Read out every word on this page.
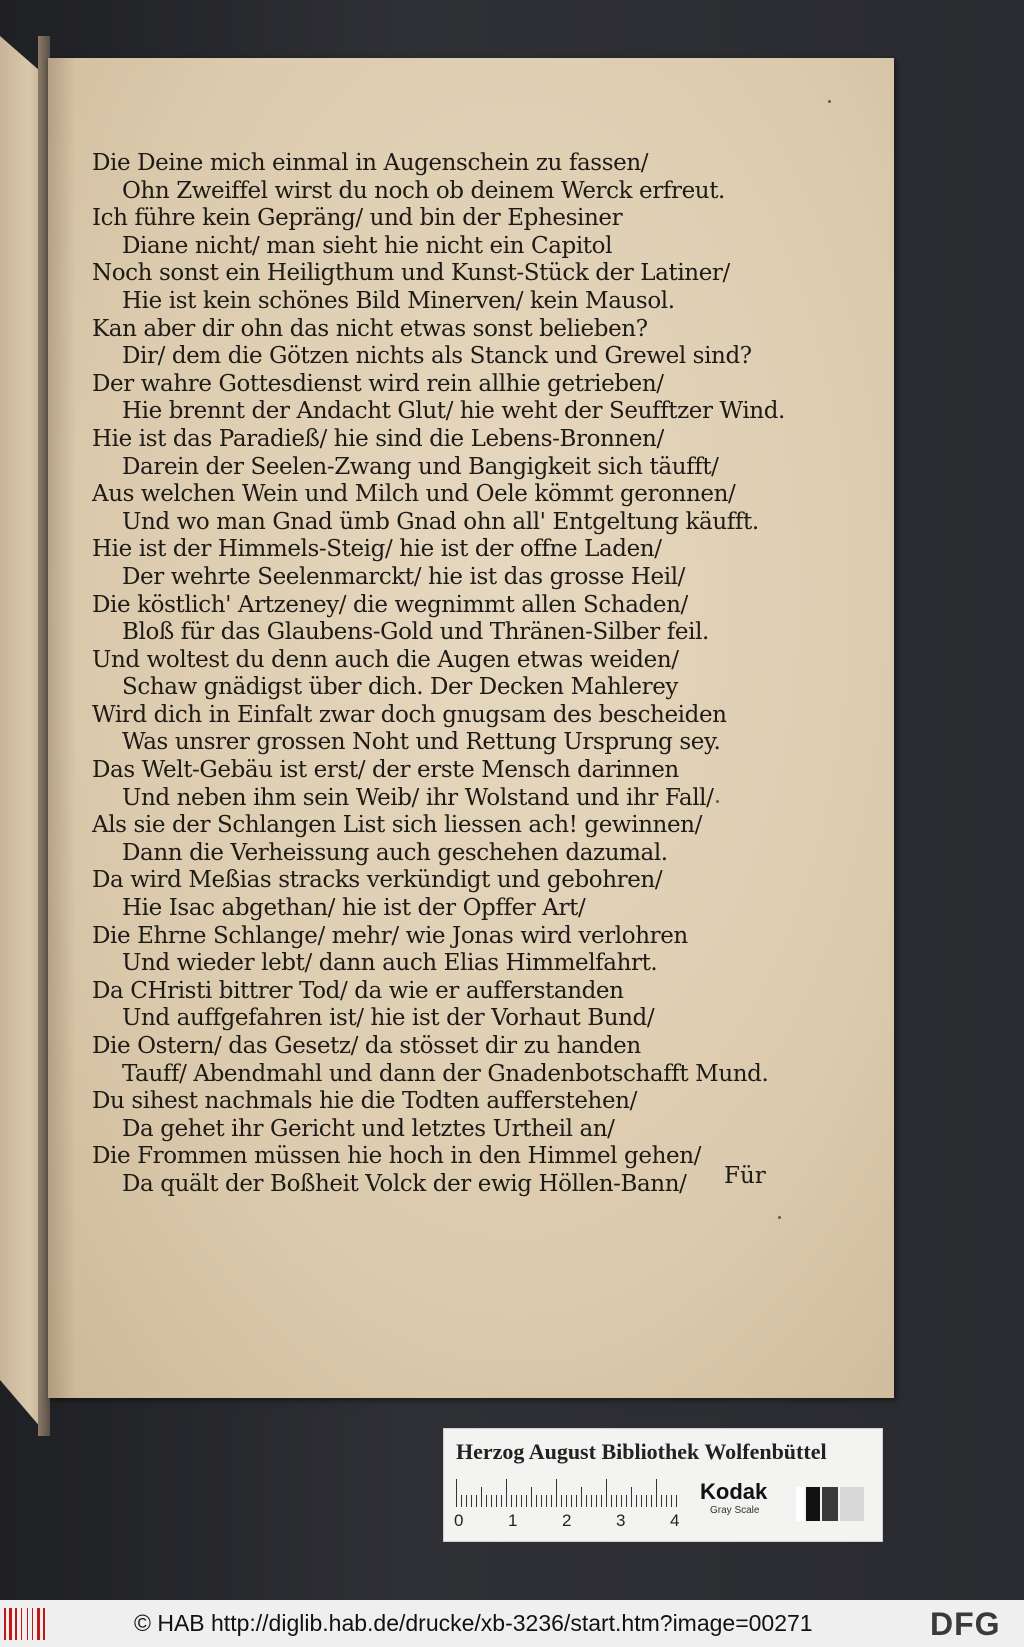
Die Deine mich einmal in Augenschein zu fassen/
Ohn Zweiffel wirst du noch ob deinem Werck erfreut.
Ich führe kein Gepräng/ und bin der Ephesiner
Diane nicht/ man sieht hie nicht ein Capitol
Noch sonst ein Heiligthum und Kunst-Stück der Latiner/
Hie ist kein schönes Bild Minerven/ kein Mausol.
Kan aber dir ohn das nicht etwas sonst belieben?
Dir/ dem die Götzen nichts als Stanck und Grewel sind?
Der wahre Gottesdienst wird rein allhie getrieben/
Hie brennt der Andacht Glut/ hie weht der Seufftzer Wind.
Hie ist das Paradieß/ hie sind die Lebens-Bronnen/
Darein der Seelen-Zwang und Bangigkeit sich täufft/
Aus welchen Wein und Milch und Oele kömmt geronnen/
Und wo man Gnad ümb Gnad ohn all' Entgeltung käufft.
Hie ist der Himmels-Steig/ hie ist der offne Laden/
Der wehrte Seelenmarckt/ hie ist das grosse Heil/
Die köstlich' Artzeney/ die wegnimmt allen Schaden/
Bloß für das Glaubens-Gold und Thränen-Silber feil.
Und woltest du denn auch die Augen etwas weiden/
Schaw gnädigst über dich. Der Decken Mahlerey
Wird dich in Einfalt zwar doch gnugsam des bescheiden
Was unsrer grossen Noht und Rettung Ursprung sey.
Das Welt-Gebäu ist erst/ der erste Mensch darinnen
Und neben ihm sein Weib/ ihr Wolstand und ihr Fall/
Als sie der Schlangen List sich liessen ach! gewinnen/
Dann die Verheissung auch geschehen dazumal.
Da wird Meßias stracks verkündigt und gebohren/
Hie Isac abgethan/ hie ist der Opffer Art/
Die Ehrne Schlange/ mehr/ wie Jonas wird verlohren
Und wieder lebt/ dann auch Elias Himmelfahrt.
Da CHristi bittrer Tod/ da wie er aufferstanden
Und auffgefahren ist/ hie ist der Vorhaut Bund/
Die Ostern/ das Gesetz/ da stösset dir zu handen
Tauff/ Abendmahl und dann der Gnadenbotschafft Mund.
Du sihest nachmals hie die Todten aufferstehen/
Da gehet ihr Gericht und letztes Urtheil an/
Die Frommen müssen hie hoch in den Himmel gehen/
Da quält der Boßheit Volck der ewig Höllen-Bann/	Für
Herzog August Bibliothek Wolfenbüttel
0	1	2	3	4
Kodak
Gray Scale
© HAB http://diglib.hab.de/drucke/xb-3236/start.htm?image=00271	DFG
